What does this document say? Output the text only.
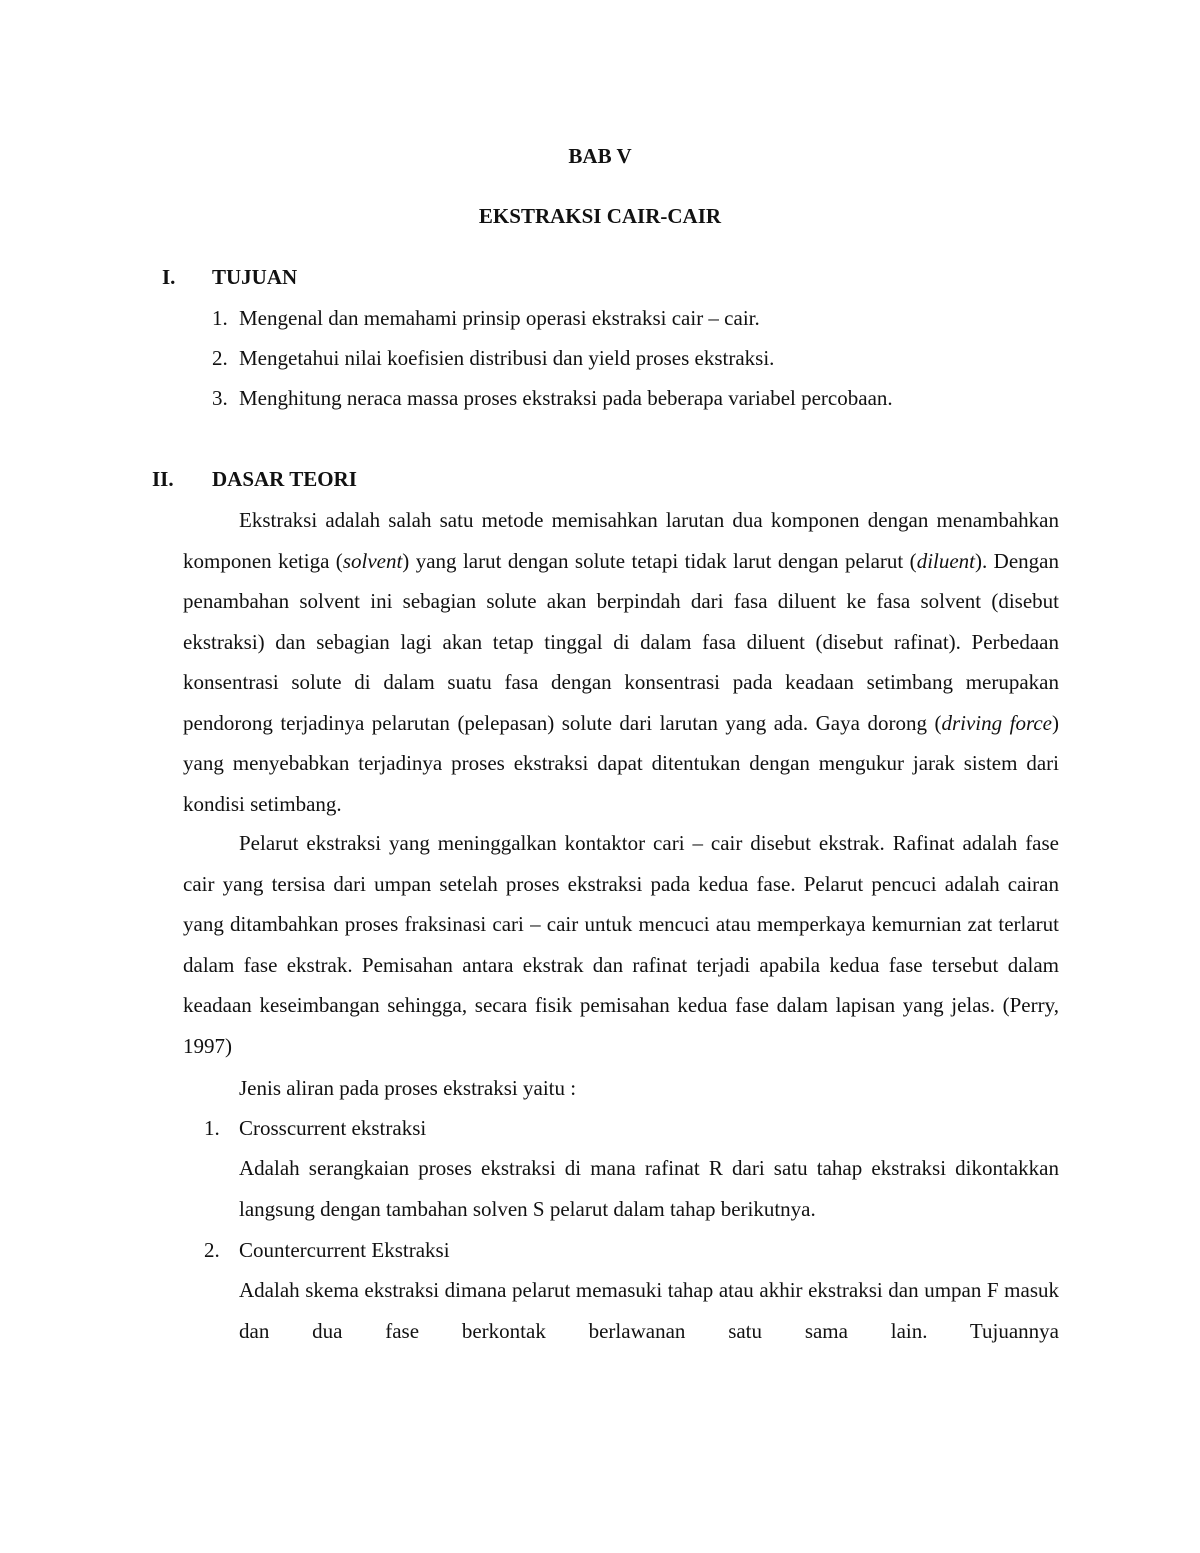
BAB V
EKSTRAKSI CAIR-CAIR
I. TUJUAN
1. Mengenal dan memahami prinsip operasi ekstraksi cair – cair.
2. Mengetahui nilai koefisien distribusi dan yield proses ekstraksi.
3. Menghitung neraca massa proses ekstraksi pada beberapa variabel percobaan.
II. DASAR TEORI

Ekstraksi adalah salah satu metode memisahkan larutan dua komponen dengan menambahkan komponen ketiga (solvent) yang larut dengan solute tetapi tidak larut dengan pelarut (diluent). Dengan penambahan solvent ini sebagian solute akan berpindah dari fasa diluent ke fasa solvent (disebut ekstraksi) dan sebagian lagi akan tetap tinggal di dalam fasa diluent (disebut rafinat). Perbedaan konsentrasi solute di dalam suatu fasa dengan konsentrasi pada keadaan setimbang merupakan pendorong terjadinya pelarutan (pelepasan) solute dari larutan yang ada. Gaya dorong (driving force) yang menyebabkan terjadinya proses ekstraksi dapat ditentukan dengan mengukur jarak sistem dari kondisi setimbang.

Pelarut ekstraksi yang meninggalkan kontaktor cari – cair disebut ekstrak. Rafinat adalah fase cair yang tersisa dari umpan setelah proses ekstraksi pada kedua fase. Pelarut pencuci adalah cairan yang ditambahkan proses fraksinasi cari – cair untuk mencuci atau memperkaya kemurnian zat terlarut dalam fase ekstrak. Pemisahan antara ekstrak dan rafinat terjadi apabila kedua fase tersebut dalam keadaan keseimbangan sehingga, secara fisik pemisahan kedua fase dalam lapisan yang jelas. (Perry, 1997)

Jenis aliran pada proses ekstraksi yaitu :
1. Crosscurrent ekstraksi

Adalah serangkaian proses ekstraksi di mana rafinat R dari satu tahap ekstraksi dikontakkan langsung dengan tambahan solven S pelarut dalam tahap berikutnya.

2. Countercurrent Ekstraksi

Adalah skema ekstraksi dimana pelarut memasuki tahap atau akhir ekstraksi dan umpan F masuk dan dua fase berkontak berlawanan satu sama lain. Tujuannya
